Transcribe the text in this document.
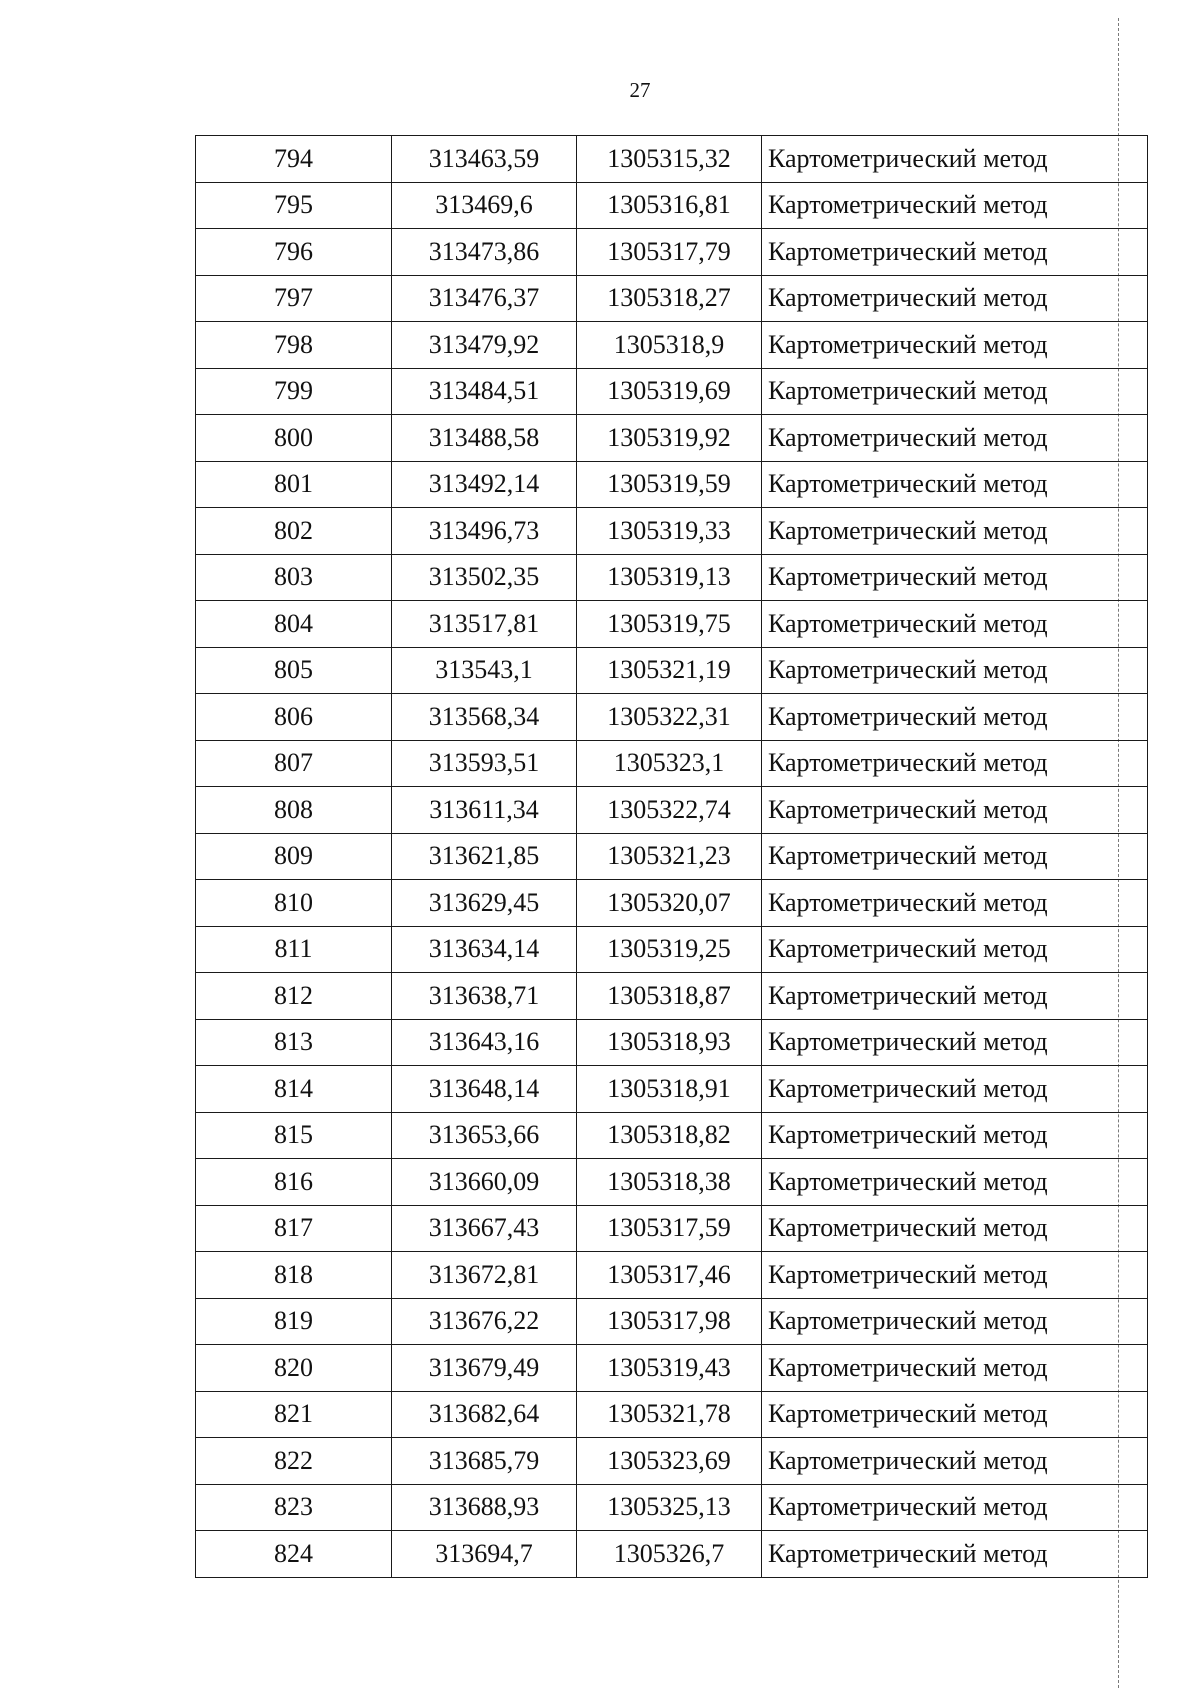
27
794	313463,59	1305315,32	Картометрический метод
795	313469,6	1305316,81	Картометрический метод
796	313473,86	1305317,79	Картометрический метод
797	313476,37	1305318,27	Картометрический метод
798	313479,92	1305318,9	Картометрический метод
799	313484,51	1305319,69	Картометрический метод
800	313488,58	1305319,92	Картометрический метод
801	313492,14	1305319,59	Картометрический метод
802	313496,73	1305319,33	Картометрический метод
803	313502,35	1305319,13	Картометрический метод
804	313517,81	1305319,75	Картометрический метод
805	313543,1	1305321,19	Картометрический метод
806	313568,34	1305322,31	Картометрический метод
807	313593,51	1305323,1	Картометрический метод
808	313611,34	1305322,74	Картометрический метод
809	313621,85	1305321,23	Картометрический метод
810	313629,45	1305320,07	Картометрический метод
811	313634,14	1305319,25	Картометрический метод
812	313638,71	1305318,87	Картометрический метод
813	313643,16	1305318,93	Картометрический метод
814	313648,14	1305318,91	Картометрический метод
815	313653,66	1305318,82	Картометрический метод
816	313660,09	1305318,38	Картометрический метод
817	313667,43	1305317,59	Картометрический метод
818	313672,81	1305317,46	Картометрический метод
819	313676,22	1305317,98	Картометрический метод
820	313679,49	1305319,43	Картометрический метод
821	313682,64	1305321,78	Картометрический метод
822	313685,79	1305323,69	Картометрический метод
823	313688,93	1305325,13	Картометрический метод
824	313694,7	1305326,7	Картометрический метод
